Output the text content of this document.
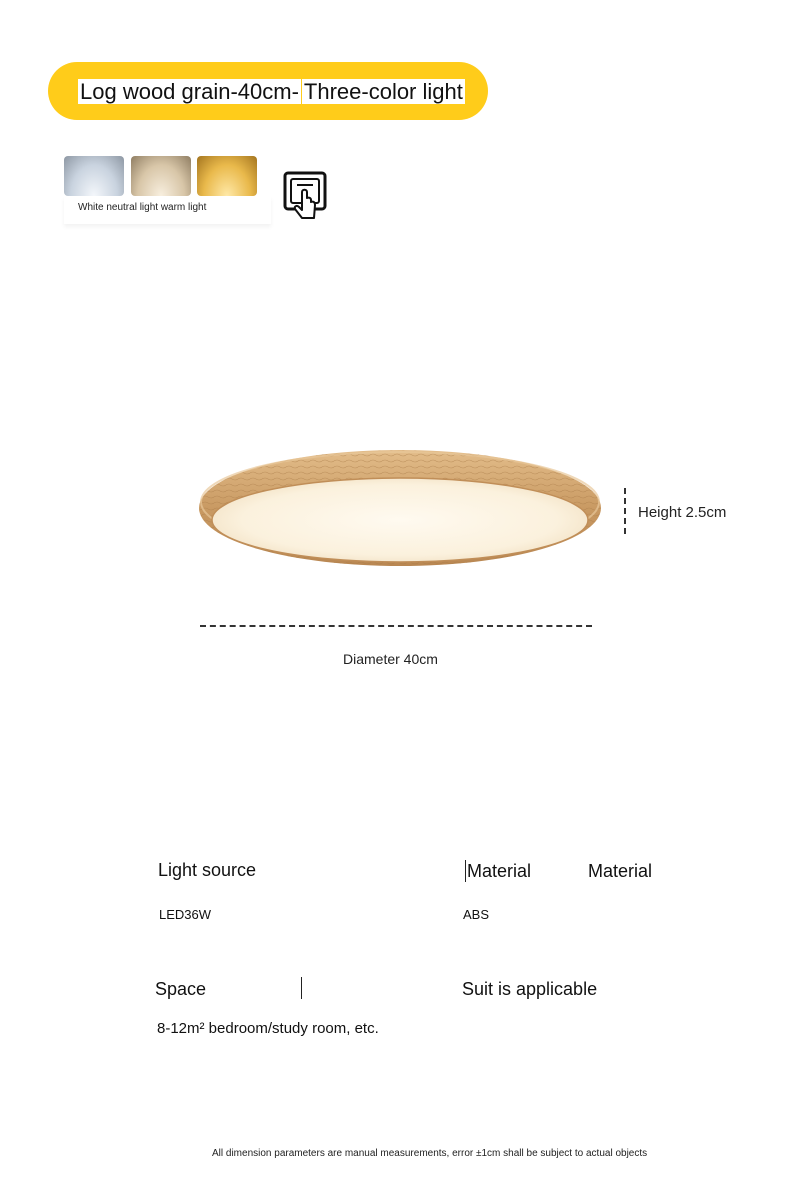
Log wood grain-40cm- Three-color light
White neutral light warm light
Height 2.5cm
Diameter 40cm
Light source
LED36W
Material
ABS
Material
Space
8-12m² bedroom/study room, etc.
Suit is applicable
All dimension parameters are manual measurements, error ±1cm shall be subject to actual objects
